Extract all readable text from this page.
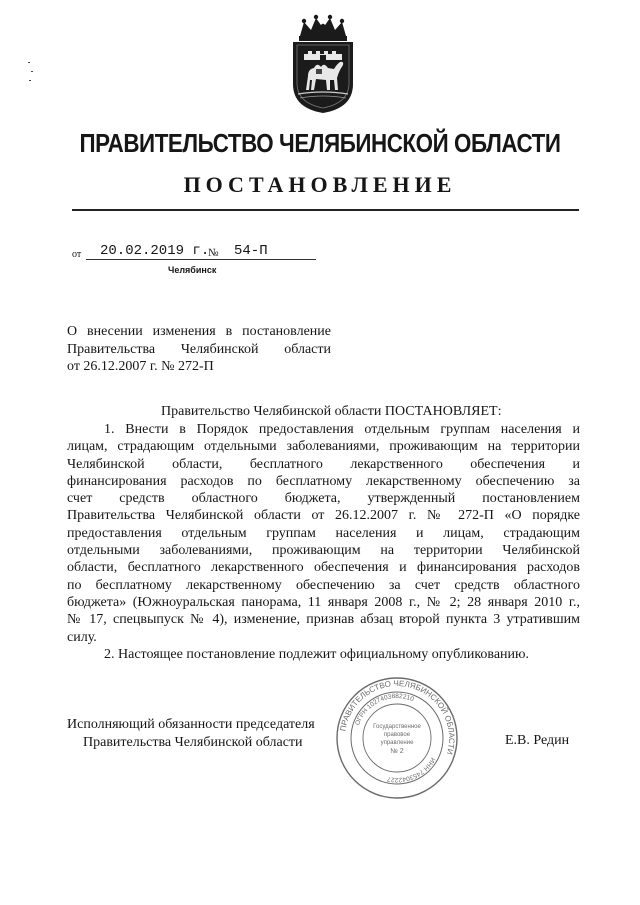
ПРАВИТЕЛЬСТВО ЧЕЛЯБИНСКОЙ ОБЛАСТИ
ПОСТАНОВЛЕНИЕ
от	20.02.2019 г.
№	54-П
Челябинск
О внесении изменения в постановление
Правительства Челябинской области
от 26.12.2007 г. № 272-П
Правительство Челябинской области ПОСТАНОВЛЯЕТ:
1. Внести в Порядок предоставления отдельным группам населения и
лицам, страдающим отдельными заболеваниями, проживающим на территории
Челябинской области, бесплатного лекарственного обеспечения и
финансирования расходов по бесплатному лекарственному обеспечению за
счет средств областного бюджета, утвержденный постановлением
Правительства Челябинской области от 26.12.2007 г. № 272-П «О порядке
предоставления отдельным группам населения и лицам, страдающим
отдельными заболеваниями, проживающим на территории Челябинской
области, бесплатного лекарственного обеспечения и финансирования расходов
по бесплатному лекарственному обеспечению за счет средств областного
бюджета» (Южноуральская панорама, 11 января 2008 г., № 2; 28 января 2010 г.,
№ 17, спецвыпуск № 4), изменение, признав абзац второй пункта 3 утратившим
силу.
2. Настоящее постановление подлежит официальному опубликованию.
Исполняющий обязанности председателя
Правительства Челябинской области
ПРАВИТЕЛЬСТВО ЧЕЛЯБИНСКОЙ ОБЛАСТИ
ОГРН 1027403882210
ИНН 7453042227
Государственное
правовое
управление
№ 2
Е.В. Редин
